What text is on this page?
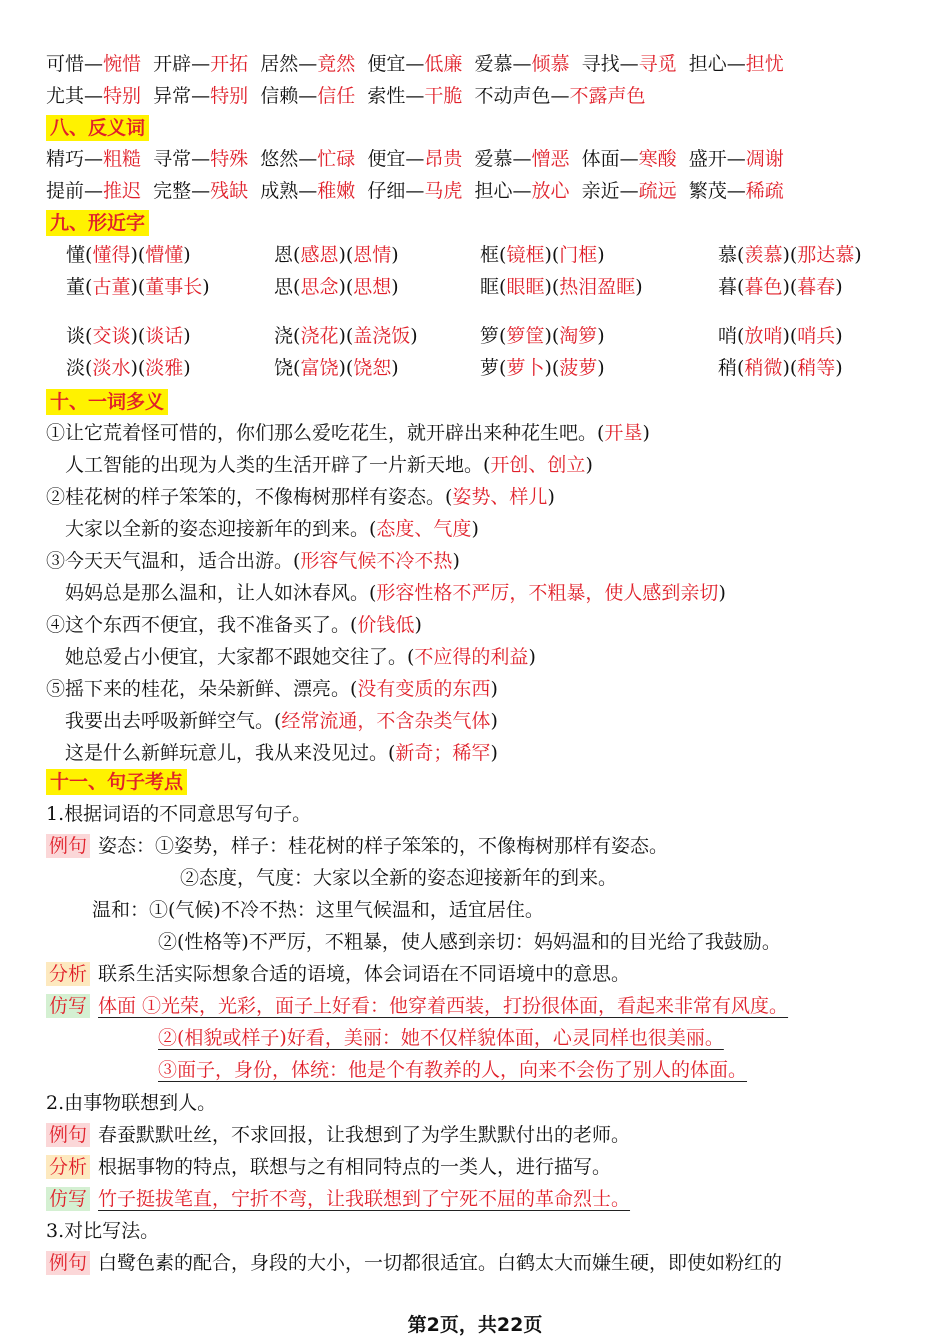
可惜—惋惜 开辟—开拓 居然—竟然 便宜—低廉 爱慕—倾慕 寻找—寻觅 担心—担忧
尤其—特别 异常—特别 信赖—信任 索性—干脆 不动声色—不露声色
八、反义词
精巧—粗糙 寻常—特殊 悠然—忙碌 便宜—昂贵 爱慕—憎恶 体面—寒酸 盛开—凋谢
提前—推迟 完整—残缺 成熟—稚嫩 仔细—马虎 担心—放心 亲近—疏远 繁茂—稀疏
九、形近字
懂(懂得)(懵懂)	恩(感恩)(恩情)	框(镜框)(门框)	慕(羡慕)(那达慕)
董(古董)(董事长)	思(思念)(思想)	眶(眼眶)(热泪盈眶)	暮(暮色)(暮春)
谈(交谈)(谈话)	浇(浇花)(盖浇饭)	箩(箩筐)(淘箩)	哨(放哨)(哨兵)
淡(淡水)(淡雅)	饶(富饶)(饶恕)	萝(萝卜)(菠萝)	稍(稍微)(稍等)
十、一词多义
①让它荒着怪可惜的，你们那么爱吃花生，就开辟出来种花生吧。(开垦)
　人工智能的出现为人类的生活开辟了一片新天地。(开创、创立)
②桂花树的样子笨笨的，不像梅树那样有姿态。(姿势、样儿)
　大家以全新的姿态迎接新年的到来。(态度、气度)
③今天天气温和，适合出游。(形容气候不冷不热)
　妈妈总是那么温和，让人如沐春风。(形容性格不严厉，不粗暴，使人感到亲切)
④这个东西不便宜，我不准备买了。(价钱低)
　她总爱占小便宜，大家都不跟她交往了。(不应得的利益)
⑤摇下来的桂花，朵朵新鲜、漂亮。(没有变质的东西)
　我要出去呼吸新鲜空气。(经常流通，不含杂类气体)
　这是什么新鲜玩意儿，我从来没见过。(新奇；稀罕)
十一、句子考点
1.根据词语的不同意思写句子。
例句 姿态：①姿势，样子：桂花树的样子笨笨的，不像梅树那样有姿态。
②态度，气度：大家以全新的姿态迎接新年的到来。
温和：①(气候)不冷不热：这里气候温和，适宜居住。
②(性格等)不严厉，不粗暴，使人感到亲切：妈妈温和的目光给了我鼓励。
分析 联系生活实际想象合适的语境，体会词语在不同语境中的意思。
仿写 体面 ①光荣，光彩，面子上好看：他穿着西装，打扮很体面，看起来非常有风度。
②(相貌或样子)好看，美丽：她不仅样貌体面，心灵同样也很美丽。
③面子，身份，体统：他是个有教养的人，向来不会伤了别人的体面。
2.由事物联想到人。
例句 春蚕默默吐丝，不求回报，让我想到了为学生默默付出的老师。
分析 根据事物的特点，联想与之有相同特点的一类人，进行描写。
仿写 竹子挺拔笔直，宁折不弯，让我联想到了宁死不屈的革命烈士。
3.对比写法。
例句 白鹭色素的配合，身段的大小，一切都很适宜。白鹤太大而嫌生硬，即使如粉红的
第2页，共22页
